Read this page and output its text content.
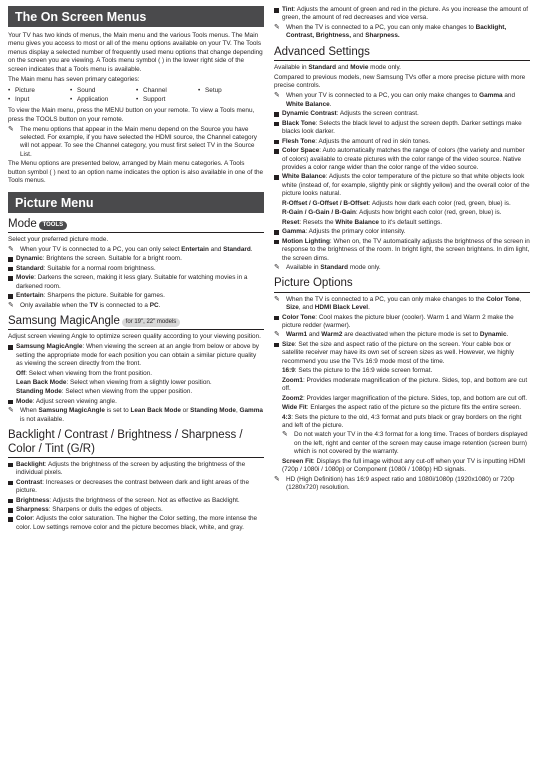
The On Screen Menus
Your TV has two kinds of menus, the Main menu and the various Tools menus. The Main menu gives you access to most or all of the menu options available on your TV. The Tools menus display a selected number of frequently used menu options that change depending on the screen you are viewing. A Tools menu symbol ( ) in the lower right side of the screen indicates that a Tools menu is available.
The Main menu has seven primary categories:
• Picture	• Sound	• Channel	• Setup
• Input	• Application	• Support
To view the Main menu, press the MENU button on your remote. To view a Tools menu, press the TOOLS button on your remote.
✎ The menu options that appear in the Main menu depend on the Source you have selected. For example, if you have selected the HDMI source, the Channel category will not appear. To see the Channel category, you must first select TV in the Source List.
The Menu options are presented below, arranged by Main menu categories. A Tools button symbol ( ) next to an option name indicates the option is also available in one of the Tools menus.
Picture Menu
Mode TOOLS
Select your preferred picture mode.
✎ When your TV is connected to a PC, you can only select Entertain and Standard.
Dynamic: Brightens the screen. Suitable for a bright room.
Standard: Suitable for a normal room brightness.
Movie: Darkens the screen, making it less glary. Suitable for watching movies in a darkened room.
Entertain: Sharpens the picture. Suitable for games.
✎ Only available when the TV is connected to a PC.
Samsung MagicAngle for 19", 22" models
Adjust screen viewing Angle to optimize screen quality according to your viewing position.
Samsung MagicAngle: When viewing the screen at an angle from below or above by setting the appropriate mode for each position you can obtain a similar picture quality as viewing the screen directly from the front.
Off: Select when viewing from the front position.
Lean Back Mode: Select when viewing from a slightly lower position.
Standing Mode: Select when viewing from the upper position.
Mode: Adjust screen viewing angle.
✎ When Samsung MagicAngle is set to Lean Back Mode or Standing Mode, Gamma is not available.
Backlight / Contrast / Brightness / Sharpness / Color / Tint (G/R)
Backlight: Adjusts the brightness of the screen by adjusting the brightness of the individual pixels.
Contrast: Increases or decreases the contrast between dark and light areas of the picture.
Brightness: Adjusts the brightness of the screen. Not as effective as Backlight.
Sharpness: Sharpens or dulls the edges of objects.
Color: Adjusts the color saturation. The higher the Color setting, the more intense the color. Low settings remove color and the picture becomes black, white, and gray.
Tint: Adjusts the amount of green and red in the picture. As you increase the amount of green, the amount of red decreases and vice versa.
✎ When the TV is connected to a PC, you can only make changes to Backlight, Contrast, Brightness, and Sharpness.
Advanced Settings
Available in Standard and Movie mode only.
Compared to previous models, new Samsung TVs offer a more precise picture with more precise controls.
✎ When your TV is connected to a PC, you can only make changes to Gamma and White Balance.
Dynamic Contrast: Adjusts the screen contrast.
Black Tone: Selects the black level to adjust the screen depth. Darker settings make blacks look darker.
Flesh Tone: Adjusts the amount of red in skin tones.
Color Space: Auto automatically matches the range of colors (the variety and number of colors) available to create pictures with the color range of the video source. Native provides a color range wider than the color range of the video source.
White Balance: Adjusts the color temperature of the picture so that white objects look white (instead of, for example, slightly pink or slightly yellow) and the overall color of the picture looks natural.
R-Offset / G-Offset / B-Offset: Adjusts how dark each color (red, green, blue) is.
R-Gain / G-Gain / B-Gain: Adjusts how bright each color (red, green, blue) is.
Reset: Resets the White Balance to it's default settings.
Gamma: Adjusts the primary color intensity.
Motion Lighting: When on, the TV automatically adjusts the brightness of the screen in response to the brightness of the room. In bright light, the screen brightens. In dim light, the screen dims.
✎ Available in Standard mode only.
Picture Options
✎ When the TV is connected to a PC, you can only make changes to the Color Tone, Size, and HDMI Black Level.
Color Tone: Cool makes the picture bluer (cooler). Warm 1 and Warm 2 make the picture redder (warmer).
✎ Warm1 and Warm2 are deactivated when the picture mode is set to Dynamic.
Size: Set the size and aspect ratio of the picture on the screen. Your cable box or satellite receiver may have its own set of screen sizes as well. However, we highly recommend you use the TVs 16:9 mode most of the time.
16:9: Sets the picture to the 16:9 wide screen format.
Zoom1: Provides moderate magnification of the picture. Sides, top, and bottom are cut off.
Zoom2: Provides larger magnification of the picture. Sides, top, and bottom are cut off.
Wide Fit: Enlarges the aspect ratio of the picture so the picture fits the entire screen.
4:3: Sets the picture to the old, 4:3 format and puts black or gray borders on the right and left of the picture.
✎ Do not watch your TV in the 4:3 format for a long time. Traces of borders displayed on the left, right and center of the screen may cause image retention (screen burn) which is not covered by the warranty.
Screen Fit: Displays the full image without any cut-off when your TV is inputting HDMI (720p / 1080i / 1080p) or Component (1080i / 1080p) HD signals.
✎ HD (High Definition) has 16:9 aspect ratio and 1080i/1080p (1920x1080) or 720p (1280x720) resolution.
